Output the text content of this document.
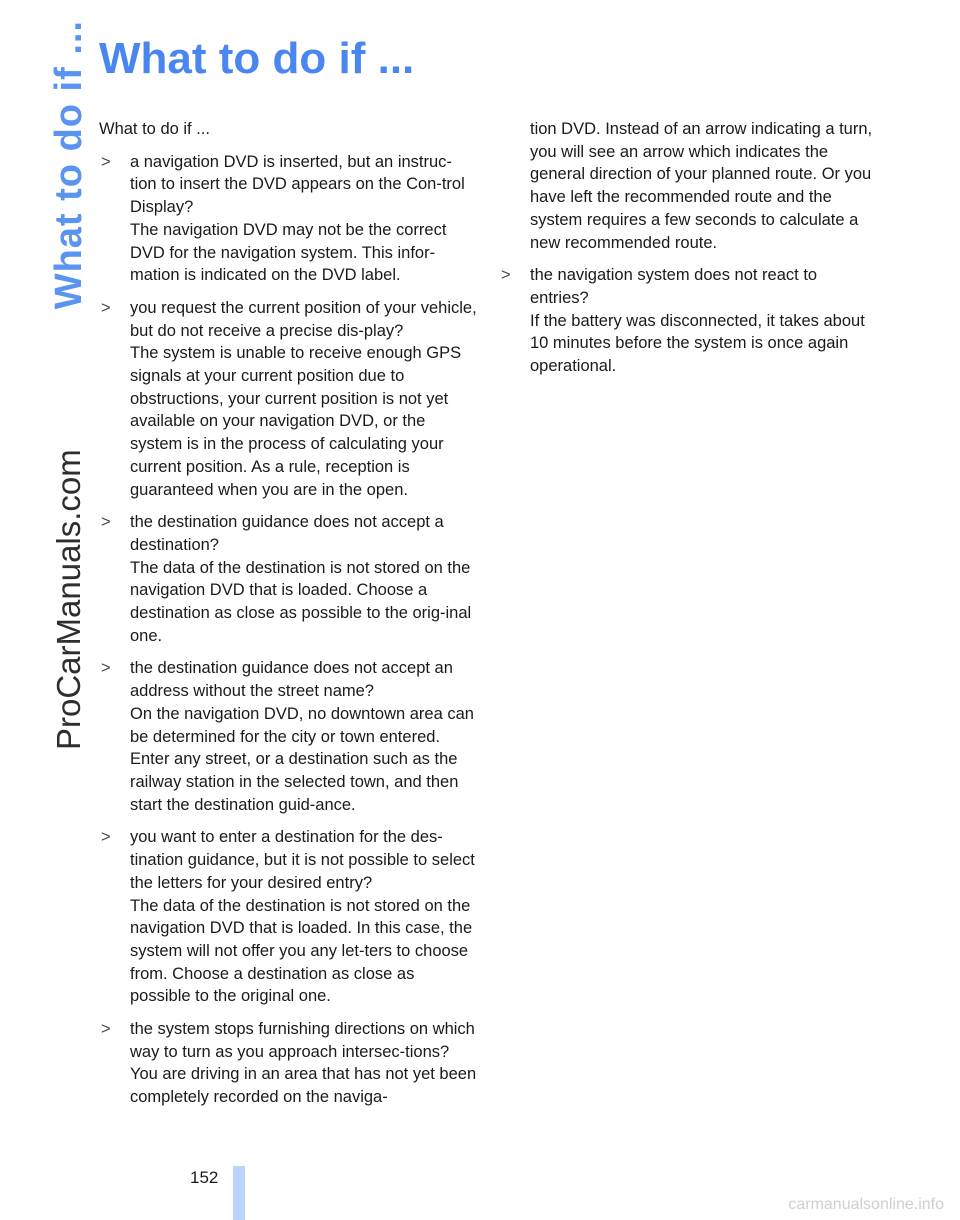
What to do if ...
ProCarManuals.com
What to do if ...

What to do if ...

> a navigation DVD is inserted, but an instruc-tion to insert the DVD appears on the Con-trol Display?

The navigation DVD may not be the correct DVD for the navigation system. This infor-mation is indicated on the DVD label.

> you request the current position of your vehicle, but do not receive a precise dis-play?

The system is unable to receive enough GPS signals at your current position due to obstructions, your current position is not yet available on your navigation DVD, or the system is in the process of calculating your current position. As a rule, reception is guaranteed when you are in the open.

> the destination guidance does not accept a destination?

The data of the destination is not stored on the navigation DVD that is loaded. Choose a destination as close as possible to the orig-inal one.

> the destination guidance does not accept an address without the street name?

On the navigation DVD, no downtown area can be determined for the city or town entered. Enter any street, or a destination such as the railway station in the selected town, and then start the destination guid-ance.

> you want to enter a destination for the des-tination guidance, but it is not possible to select the letters for your desired entry?

The data of the destination is not stored on the navigation DVD that is loaded. In this case, the system will not offer you any let-ters to choose from. Choose a destination as close as possible to the original one.

> the system stops furnishing directions on which way to turn as you approach intersec-tions?

You are driving in an area that has not yet been completely recorded on the naviga-

tion DVD. Instead of an arrow indicating a turn, you will see an arrow which indicates the general direction of your planned route. Or you have left the recommended route and the system requires a few seconds to calculate a new recommended route.

> the navigation system does not react to entries?

If the battery was disconnected, it takes about 10 minutes before the system is once again operational.

152
carmanualsonline.info
